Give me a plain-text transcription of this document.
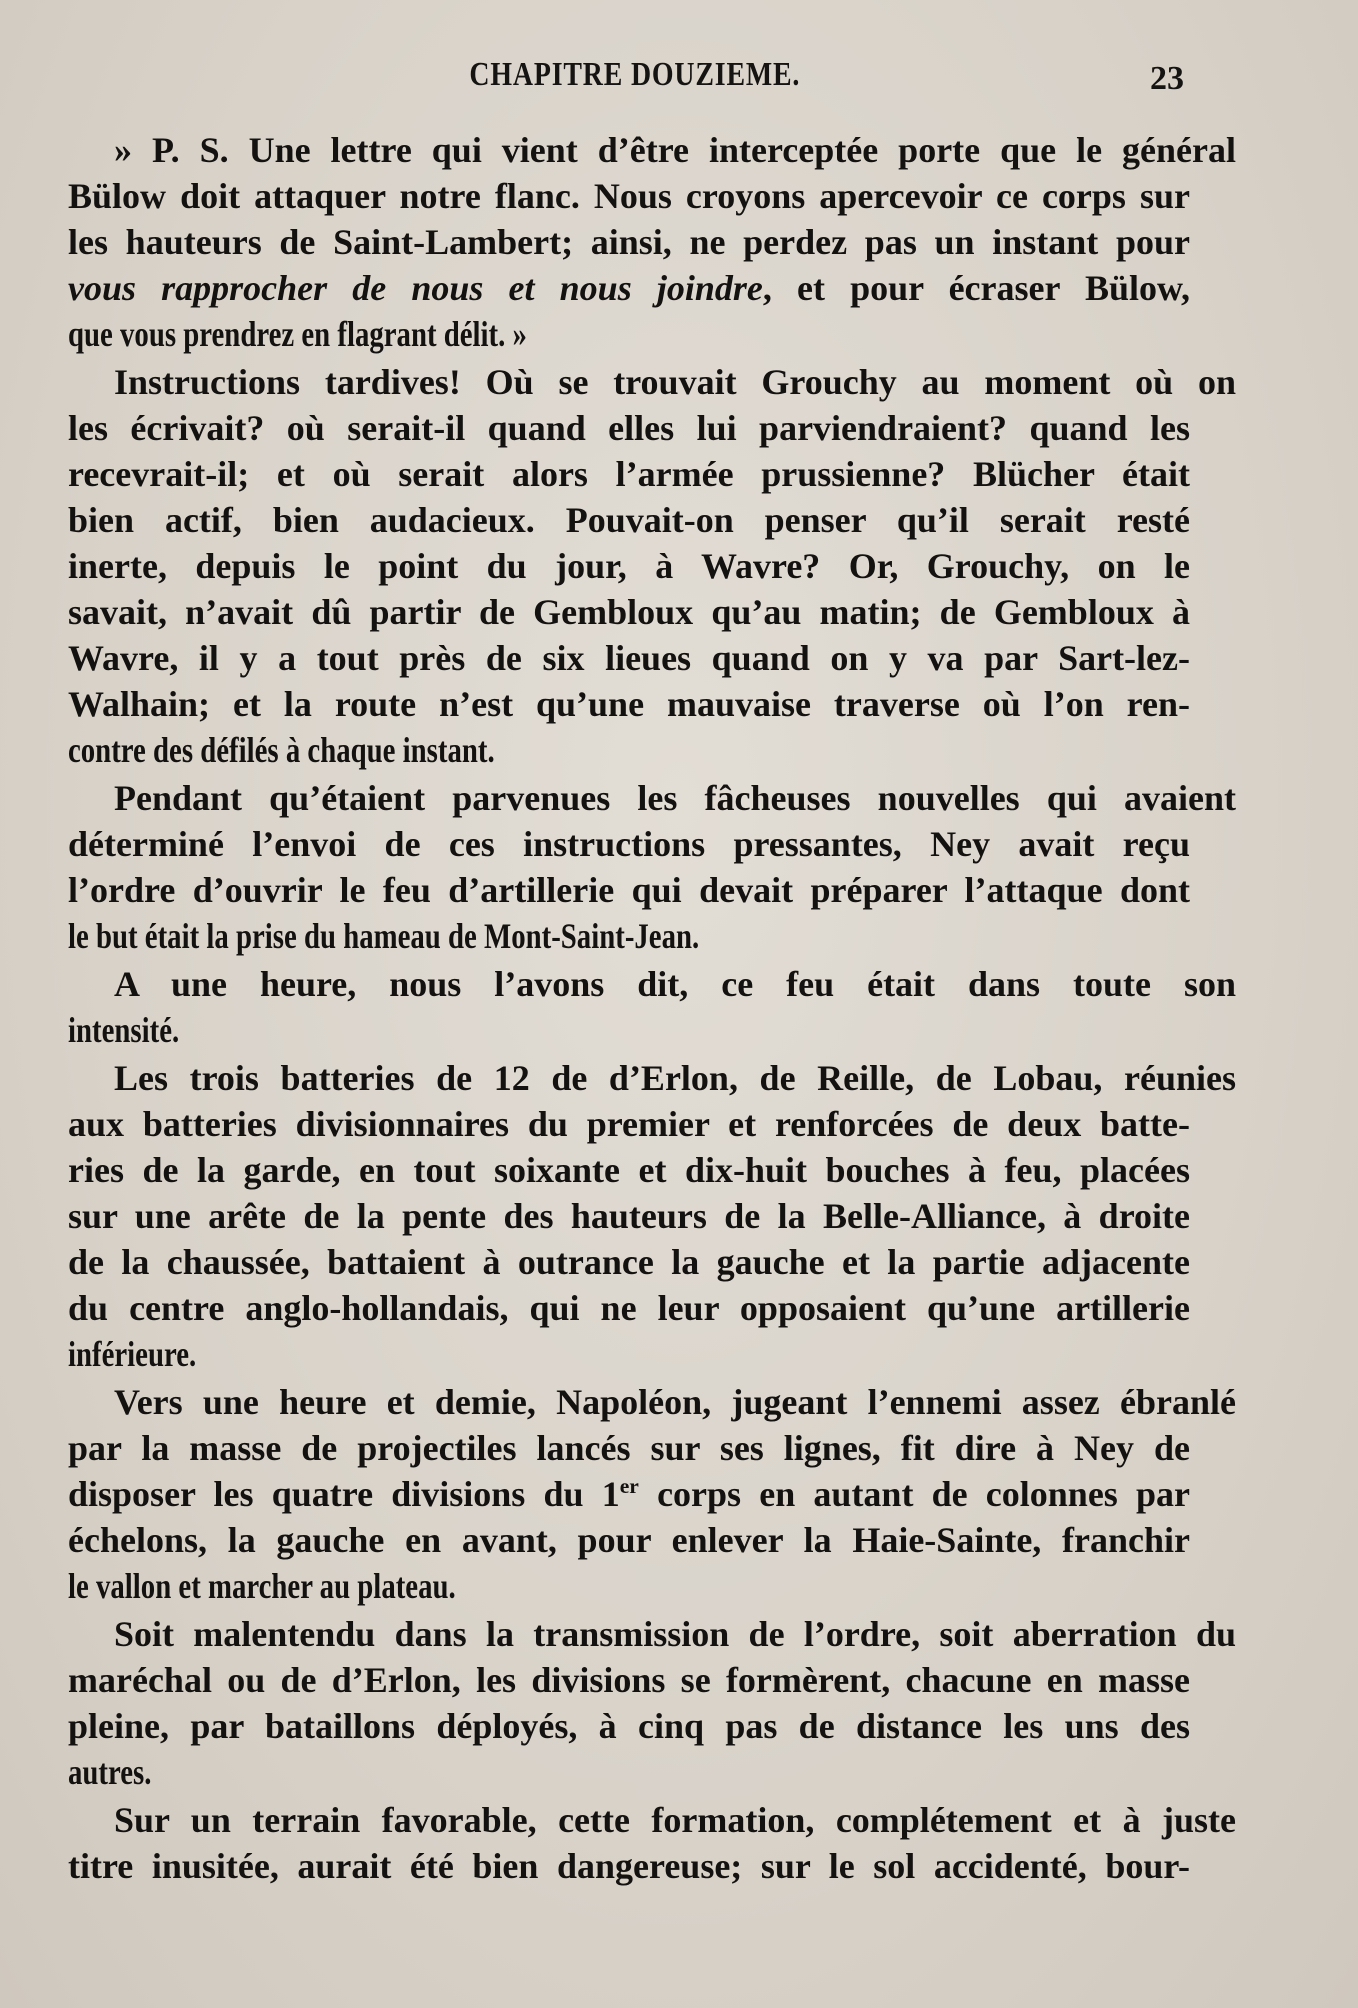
CHAPITRE DOUZIEME.	23
» P. S. Une lettre qui vient d’être interceptée porte que le général
Bülow doit attaquer notre flanc. Nous croyons apercevoir ce corps sur
les hauteurs de Saint-Lambert; ainsi, ne perdez pas un instant pour
vous rapprocher de nous et nous joindre, et pour écraser Bülow,
que vous prendrez en flagrant délit. »
Instructions tardives! Où se trouvait Grouchy au moment où on
les écrivait? où serait-il quand elles lui parviendraient? quand les
recevrait-il; et où serait alors l’armée prussienne? Blücher était
bien actif, bien audacieux. Pouvait-on penser qu’il serait resté
inerte, depuis le point du jour, à Wavre? Or, Grouchy, on le
savait, n’avait dû partir de Gembloux qu’au matin; de Gembloux à
Wavre, il y a tout près de six lieues quand on y va par Sart-lez-
Walhain; et la route n’est qu’une mauvaise traverse où l’on ren-
contre des défilés à chaque instant.
Pendant qu’étaient parvenues les fâcheuses nouvelles qui avaient
déterminé l’envoi de ces instructions pressantes, Ney avait reçu
l’ordre d’ouvrir le feu d’artillerie qui devait préparer l’attaque dont
le but était la prise du hameau de Mont-Saint-Jean.
A une heure, nous l’avons dit, ce feu était dans toute son
intensité.
Les trois batteries de 12 de d’Erlon, de Reille, de Lobau, réunies
aux batteries divisionnaires du premier et renforcées de deux batte-
ries de la garde, en tout soixante et dix-huit bouches à feu, placées
sur une arête de la pente des hauteurs de la Belle-Alliance, à droite
de la chaussée, battaient à outrance la gauche et la partie adjacente
du centre anglo-hollandais, qui ne leur opposaient qu’une artillerie
inférieure.
Vers une heure et demie, Napoléon, jugeant l’ennemi assez ébranlé
par la masse de projectiles lancés sur ses lignes, fit dire à Ney de
disposer les quatre divisions du 1er corps en autant de colonnes par
échelons, la gauche en avant, pour enlever la Haie-Sainte, franchir
le vallon et marcher au plateau.
Soit malentendu dans la transmission de l’ordre, soit aberration du
maréchal ou de d’Erlon, les divisions se formèrent, chacune en masse
pleine, par bataillons déployés, à cinq pas de distance les uns des
autres.
Sur un terrain favorable, cette formation, complétement et à juste
titre inusitée, aurait été bien dangereuse; sur le sol accidenté, bour-
